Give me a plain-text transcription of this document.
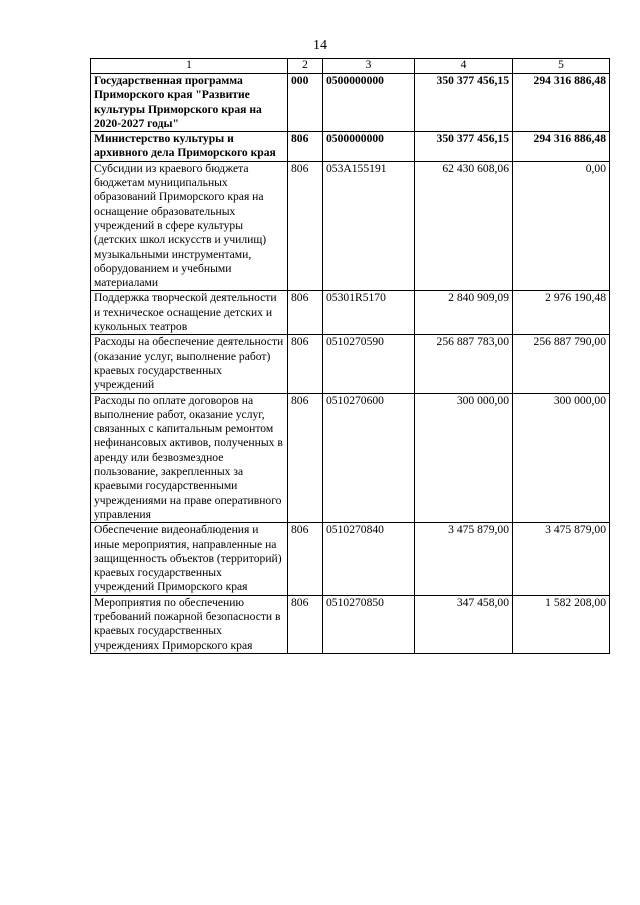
14
1	2	3	4	5
Государственная программа Приморского края "Развитие культуры Приморского края на 2020-2027 годы"	000	0500000000	350 377 456,15	294 316 886,48
Министерство культуры и архивного дела Приморского края	806	0500000000	350 377 456,15	294 316 886,48
Субсидии из краевого бюджета бюджетам муниципальных образований Приморского края на оснащение образовательных учреждений в сфере культуры (детских школ искусств и училищ) музыкальными инструментами, оборудованием и учебными материалами	806	053A155191	62 430 608,06	0,00
Поддержка творческой деятельности и техническое оснащение детских и кукольных театров	806	05301R5170	2 840 909,09	2 976 190,48
Расходы на обеспечение деятельности (оказание услуг, выполнение работ) краевых государственных учреждений	806	0510270590	256 887 783,00	256 887 790,00
Расходы по оплате договоров на выполнение работ, оказание услуг, связанных с капитальным ремонтом нефинансовых активов, полученных в аренду или безвозмездное пользование, закрепленных за краевыми государственными учреждениями на праве оперативного управления	806	0510270600	300 000,00	300 000,00
Обеспечение видеонаблюдения и иные мероприятия, направленные на защищенность объектов (территорий) краевых государственных учреждений Приморского края	806	0510270840	3 475 879,00	3 475 879,00
Мероприятия по обеспечению требований пожарной безопасности в краевых государственных учреждениях Приморского края	806	0510270850	347 458,00	1 582 208,00
